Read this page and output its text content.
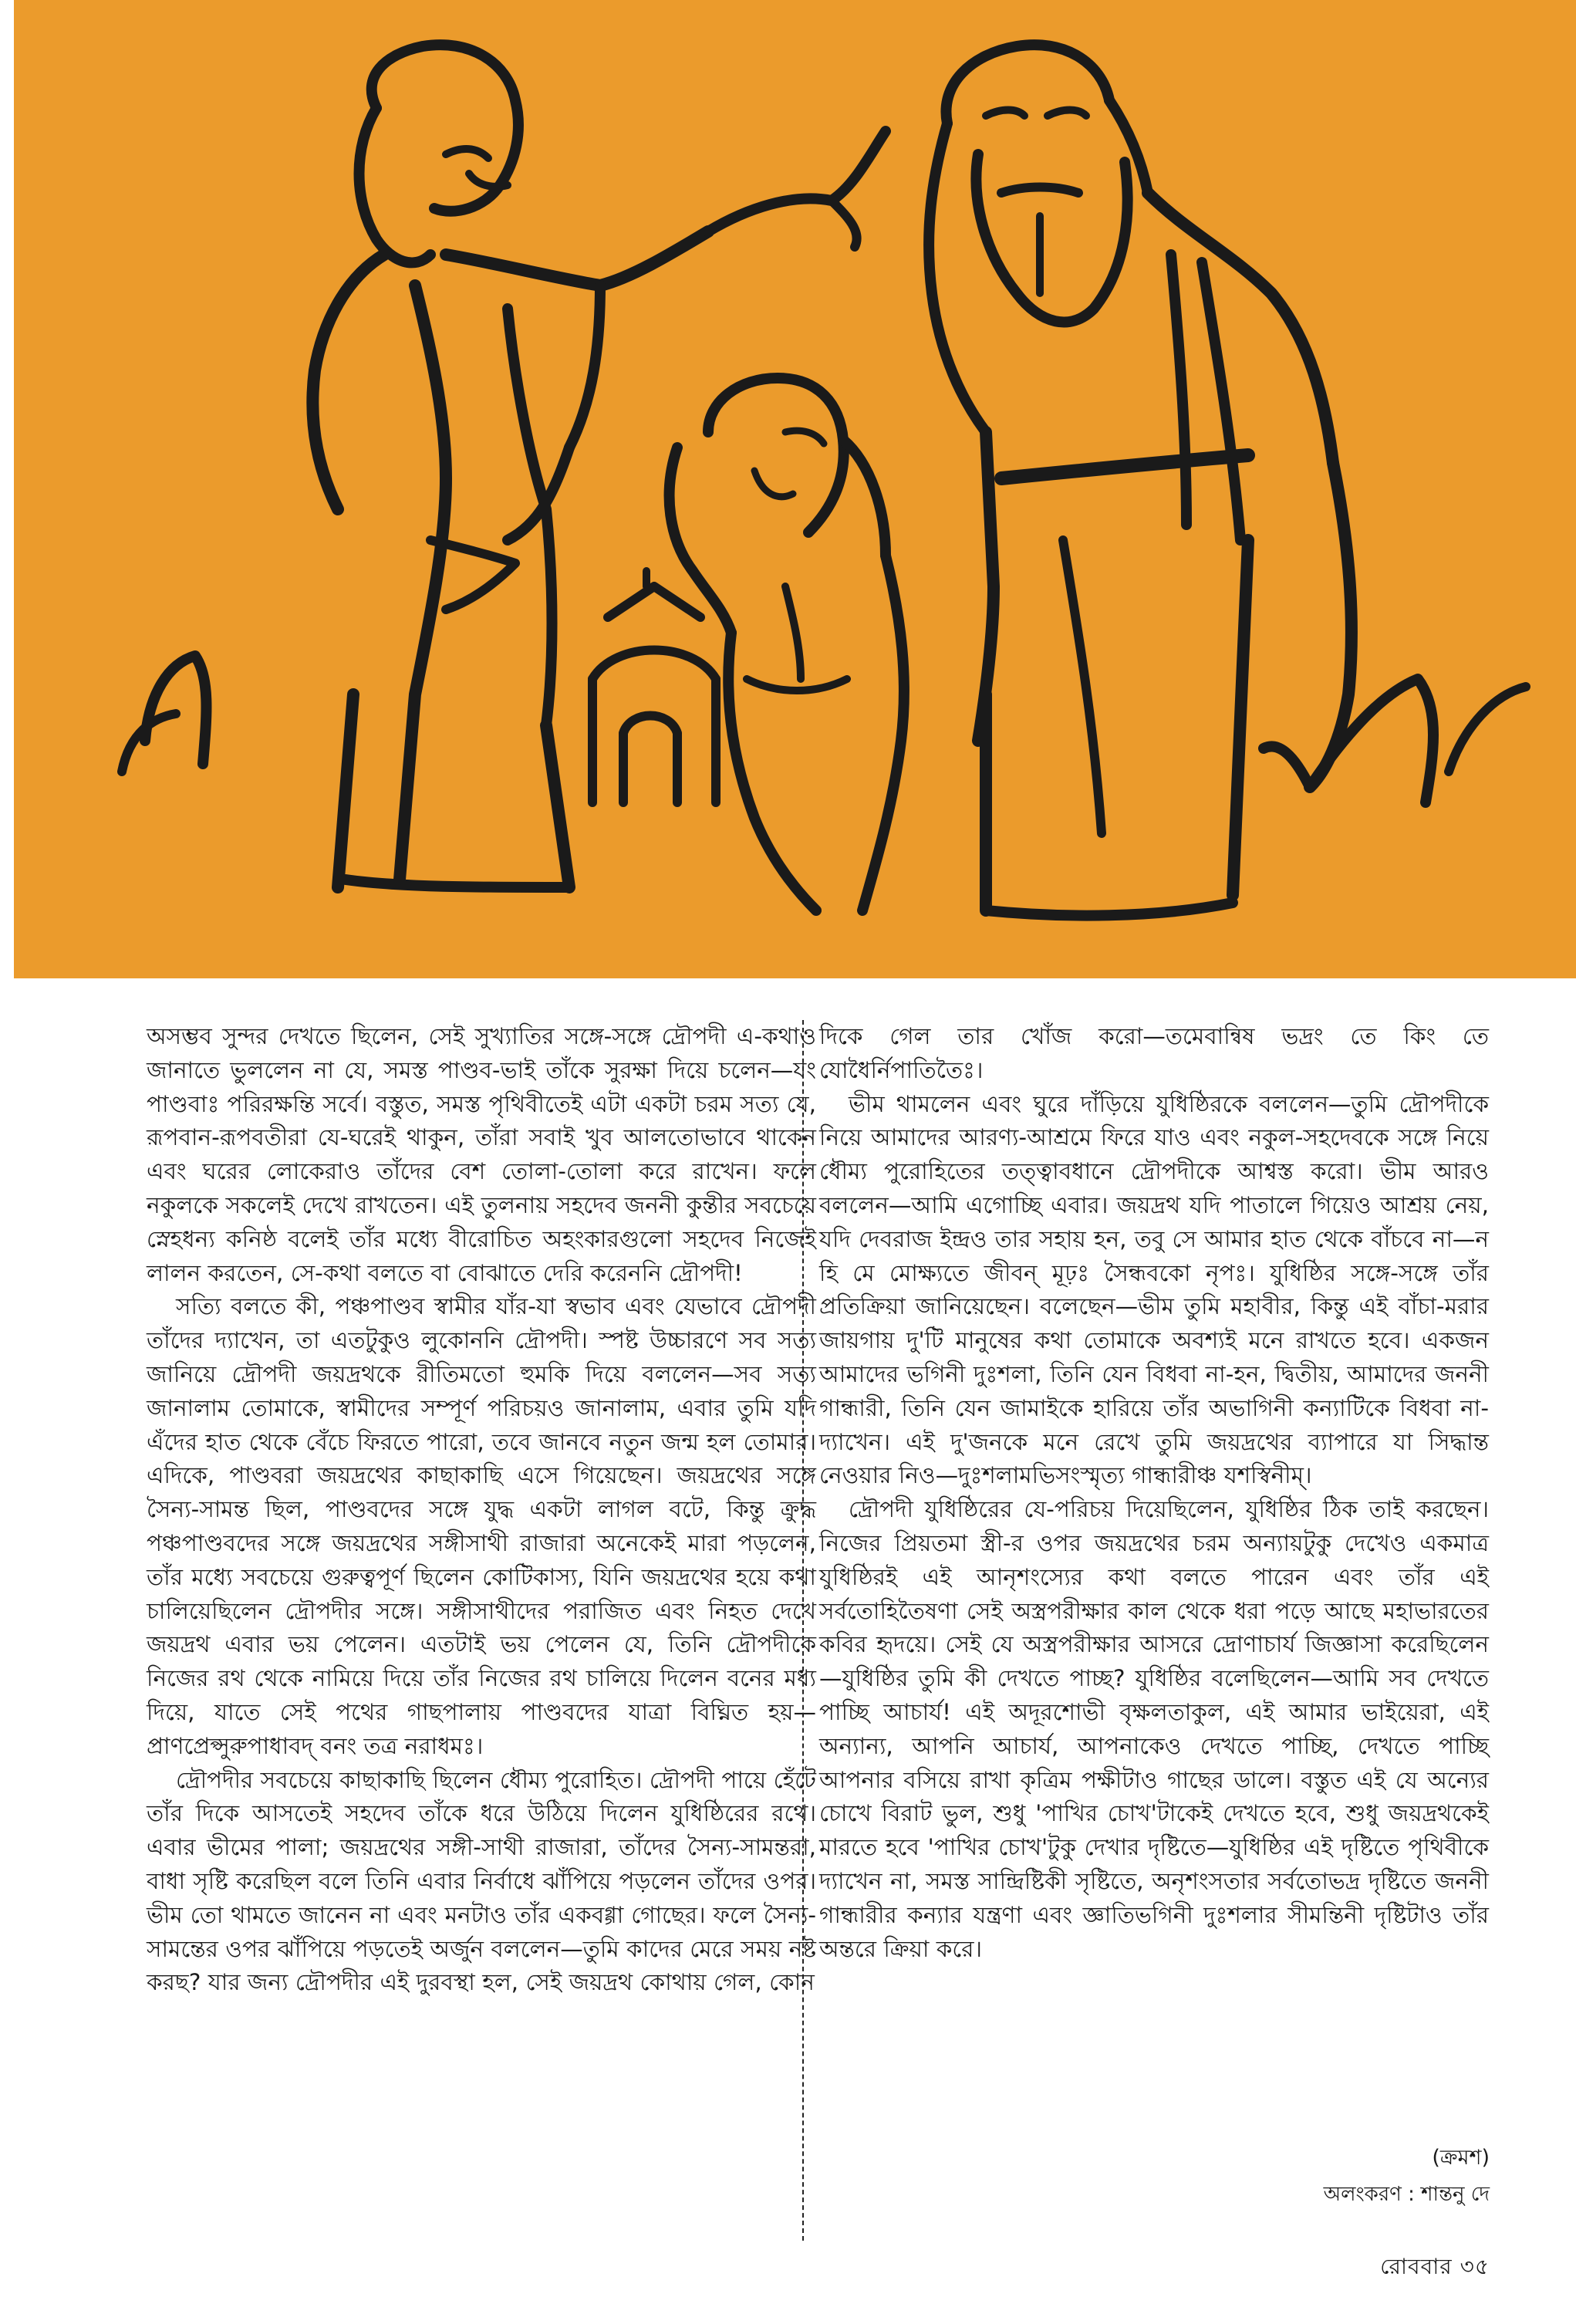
অসম্ভব সুন্দর দেখতে ছিলেন, সেই সুখ্যাতির সঙ্গে-সঙ্গে দ্রৌপদী এ-কথাও জানাতে ভুললেন না যে, সমস্ত পাণ্ডব-ভাই তাঁকে সুরক্ষা দিয়ে চলেন—যং পাণ্ডবাঃ পরিরক্ষন্তি সর্বে। বস্তুত, সমস্ত পৃথিবীতেই এটা একটা চরম সত্য যে, রূপবান-রূপবতীরা যে-ঘরেই থাকুন, তাঁরা সবাই খুব আলতোভাবে থাকেন এবং ঘরের লোকেরাও তাঁদের বেশ তোলা-তোলা করে রাখেন। ফলে নকুলকে সকলেই দেখে রাখতেন। এই তুলনায় সহদেব জননী কুন্তীর সবচেয়ে স্নেহধন্য কনিষ্ঠ বলেই তাঁর মধ্যে বীরোচিত অহংকারগুলো সহদেব নিজেই লালন করতেন, সে-কথা বলতে বা বোঝাতে দেরি করেননি দ্রৌপদী!

সত্যি বলতে কী, পঞ্চপাণ্ডব স্বামীর যাঁর-যা স্বভাব এবং যেভাবে দ্রৌপদী তাঁদের দ্যাখেন, তা এতটুকুও লুকোননি দ্রৌপদী। স্পষ্ট উচ্চারণে সব সত্য জানিয়ে দ্রৌপদী জয়দ্রথকে রীতিমতো হুমকি দিয়ে বললেন—সব সত্য জানালাম তোমাকে, স্বামীদের সম্পূর্ণ পরিচয়ও জানালাম, এবার তুমি যদি এঁদের হাত থেকে বেঁচে ফিরতে পারো, তবে জানবে নতুন জন্ম হল তোমার। এদিকে, পাণ্ডবরা জয়দ্রথের কাছাকাছি এসে গিয়েছেন। জয়দ্রথের সঙ্গে সৈন্য-সামন্ত ছিল, পাণ্ডবদের সঙ্গে যুদ্ধ একটা লাগল বটে, কিন্তু ক্রুদ্ধ পঞ্চপাণ্ডবদের সঙ্গে জয়দ্রথের সঙ্গীসাথী রাজারা অনেকেই মারা পড়লেন, তাঁর মধ্যে সবচেয়ে গুরুত্বপূর্ণ ছিলেন কোটিকাস্য, যিনি জয়দ্রথের হয়ে কথা চালিয়েছিলেন দ্রৌপদীর সঙ্গে। সঙ্গীসাথীদের পরাজিত এবং নিহত দেখে জয়দ্রথ এবার ভয় পেলেন। এতটাই ভয় পেলেন যে, তিনি দ্রৌপদীকে নিজের রথ থেকে নামিয়ে দিয়ে তাঁর নিজের রথ চালিয়ে দিলেন বনের মধ্য দিয়ে, যাতে সেই পথের গাছপালায় পাণ্ডবদের যাত্রা বিঘ্নিত হয়—প্রাণপ্রেপ্সুরুপাধাবদ্ বনং তত্র নরাধমঃ।

দ্রৌপদীর সবচেয়ে কাছাকাছি ছিলেন ধৌম্য পুরোহিত। দ্রৌপদী পায়ে হেঁটে তাঁর দিকে আসতেই সহদেব তাঁকে ধরে উঠিয়ে দিলেন যুধিষ্ঠিরের রথে। এবার ভীমের পালা; জয়দ্রথের সঙ্গী-সাথী রাজারা, তাঁদের সৈন্য-সামন্তরা, বাধা সৃষ্টি করেছিল বলে তিনি এবার নির্বাধে ঝাঁপিয়ে পড়লেন তাঁদের ওপর। ভীম তো থামতে জানেন না এবং মনটাও তাঁর একবগ্গা গোছের। ফলে সৈন্য-সামন্তের ওপর ঝাঁপিয়ে পড়তেই অর্জুন বললেন—তুমি কাদের মেরে সময় নষ্ট করছ? যার জন্য দ্রৌপদীর এই দুরবস্থা হল, সেই জয়দ্রথ কোথায় গেল, কোন

দিকে গেল তার খোঁজ করো—তমেবান্বিষ ভদ্রং তে কিং তে যোধৈর্নিপাতিতৈঃ।

ভীম থামলেন এবং ঘুরে দাঁড়িয়ে যুধিষ্ঠিরকে বললেন—তুমি দ্রৌপদীকে নিয়ে আমাদের আরণ্য-আশ্রমে ফিরে যাও এবং নকুল-সহদেবকে সঙ্গে নিয়ে ধৌম্য পুরোহিতের তত্ত্বাবধানে দ্রৌপদীকে আশ্বস্ত করো। ভীম আরও বললেন—আমি এগোচ্ছি এবার। জয়দ্রথ যদি পাতালে গিয়েও আশ্রয় নেয়, যদি দেবরাজ ইন্দ্রও তার সহায় হন, তবু সে আমার হাত থেকে বাঁচবে না—ন হি মে মোক্ষ্যতে জীবন্ মূঢ়ঃ সৈন্ধবকো নৃপঃ। যুধিষ্ঠির সঙ্গে-সঙ্গে তাঁর প্রতিক্রিয়া জানিয়েছেন। বলেছেন—ভীম তুমি মহাবীর, কিন্তু এই বাঁচা-মরার জায়গায় দু'টি মানুষের কথা তোমাকে অবশ্যই মনে রাখতে হবে। একজন আমাদের ভগিনী দুঃশলা, তিনি যেন বিধবা না-হন, দ্বিতীয়, আমাদের জননী গান্ধারী, তিনি যেন জামাইকে হারিয়ে তাঁর অভাগিনী কন্যাটিকে বিধবা না-দ্যাখেন। এই দু'জনকে মনে রেখে তুমি জয়দ্রথের ব্যাপারে যা সিদ্ধান্ত নেওয়ার নিও—দুঃশলামভিসংস্মৃত্য গান্ধারীঞ্চ যশস্বিনীম্।

দ্রৌপদী যুধিষ্ঠিরের যে-পরিচয় দিয়েছিলেন, যুধিষ্ঠির ঠিক তাই করছেন। নিজের প্রিয়তমা স্ত্রী-র ওপর জয়দ্রথের চরম অন্যায়টুকু দেখেও একমাত্র যুধিষ্ঠিরই এই আনৃশংস্যের কথা বলতে পারেন এবং তাঁর এই সর্বতোহিতৈষণা সেই অস্ত্রপরীক্ষার কাল থেকে ধরা পড়ে আছে মহাভারতের কবির হৃদয়ে। সেই যে অস্ত্রপরীক্ষার আসরে দ্রোণাচার্য জিজ্ঞাসা করেছিলেন—যুধিষ্ঠির তুমি কী দেখতে পাচ্ছ? যুধিষ্ঠির বলেছিলেন—আমি সব দেখতে পাচ্ছি আচার্য! এই অদূরশোভী বৃক্ষলতাকুল, এই আমার ভাইয়েরা, এই অন্যান্য, আপনি আচার্য, আপনাকেও দেখতে পাচ্ছি, দেখতে পাচ্ছি আপনার বসিয়ে রাখা কৃত্রিম পক্ষীটাও গাছের ডালে। বস্তুত এই যে অন্যের চোখে বিরাট ভুল, শুধু 'পাখির চোখ'টাকেই দেখতে হবে, শুধু জয়দ্রথকেই মারতে হবে 'পাখির চোখ'টুকু দেখার দৃষ্টিতে—যুধিষ্ঠির এই দৃষ্টিতে পৃথিবীকে দ্যাখেন না, সমস্ত সান্দ্রিষ্টিকী সৃষ্টিতে, অনৃশংসতার সর্বতোভদ্র দৃষ্টিতে জননী গান্ধারীর কন্যার যন্ত্রণা এবং জ্ঞাতিভগিনী দুঃশলার সীমন্তিনী দৃষ্টিটাও তাঁর অন্তরে ক্রিয়া করে।

(ক্রমশ)
অলংকরণ : শান্তনু দে
রোববার ৩৫
